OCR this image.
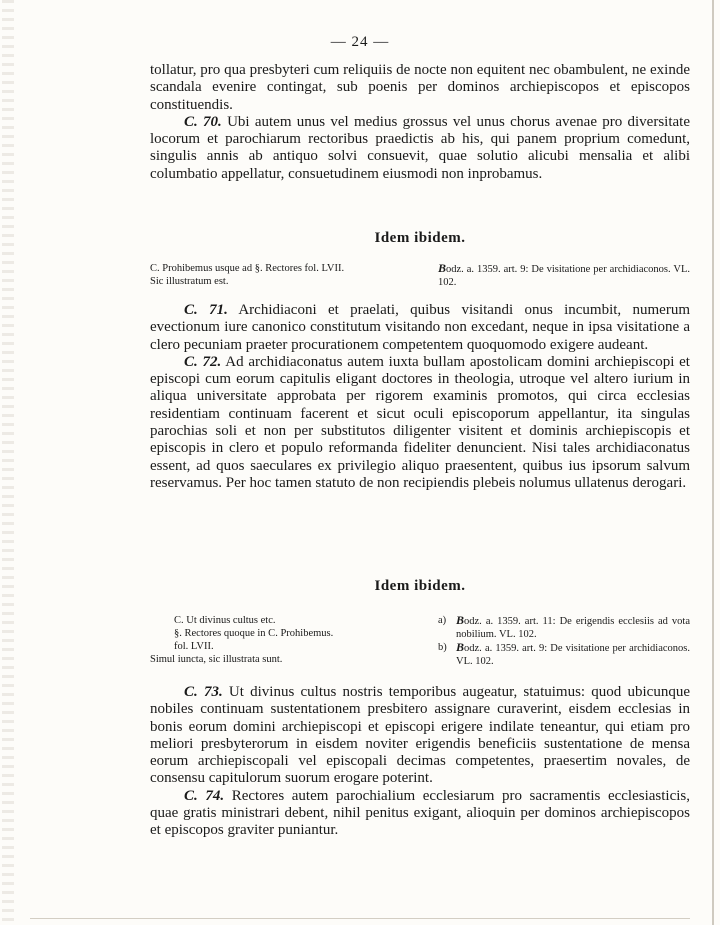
— 24 —

tollatur, pro qua presbyteri cum reliquiis de nocte non equitent nec obambulent, ne exinde scandala evenire contingat, sub poenis per dominos archiepiscopos et episcopos constituendis.

C. 70. Ubi autem unus vel medius grossus vel unus chorus avenae pro diversitate locorum et parochiarum rectoribus praedictis ab his, qui panem proprium comedunt, singulis annis ab antiquo solvi consuevit, quae solutio alicubi mensalia et alibi columbatio appellatur, consuetudinem eiusmodi non inprobamus.

Idem ibidem.

C. Prohibemus usque ad §. Rectores fol. LVII.

Sic illustratum est.

Bodz. a. 1359. art. 9: De visitatione per archidiaconos. VL. 102.

C. 71. Archidiaconi et praelati, quibus visitandi onus incumbit, numerum evectionum iure canonico constitutum visitando non excedant, neque in ipsa visitatione a clero pecuniam praeter procurationem competentem quoquomodo exigere audeant.

C. 72. Ad archidiaconatus autem iuxta bullam apostolicam domini archiepiscopi et episcopi cum eorum capitulis eligant doctores in theologia, utroque vel altero iurium in aliqua universitate approbata per rigorem examinis promotos, qui circa ecclesias residentiam continuam facerent et sicut oculi episcoporum appellantur, ita singulas parochias soli et non per substitutos diligenter visitent et dominis archiepiscopis et episcopis in clero et populo reformanda fideliter denuncient. Nisi tales archidiaconatus essent, ad quos saeculares ex privilegio aliquo praesentent, quibus ius ipsorum salvum reservamus. Per hoc tamen statuto de non recipiendis plebeis nolumus ullatenus derogari.

Idem ibidem.

C. Ut divinus cultus etc.

§. Rectores quoque in C. Prohibemus.

fol. LVII.

Simul iuncta, sic illustrata sunt.

a) Bodz. a. 1359. art. 11: De erigendis ecclesiis ad vota nobilium. VL. 102.

b) Bodz. a. 1359. art. 9: De visitatione per archidiaconos. VL. 102.

C. 73. Ut divinus cultus nostris temporibus augeatur, statuimus: quod ubicunque nobiles continuam sustentationem presbitero assignare curaverint, eisdem ecclesias in bonis eorum domini archiepiscopi et episcopi erigere indilate teneantur, qui etiam pro meliori presbyterorum in eisdem noviter erigendis beneficiis sustentatione de mensa eorum archiepiscopali vel episcopali decimas competentes, praesertim novales, de consensu capitulorum suorum erogare poterint.

C. 74. Rectores autem parochialium ecclesiarum pro sacramentis ecclesiasticis, quae gratis ministrari debent, nihil penitus exigant, alioquin per dominos archiepiscopos et episcopos graviter puniantur.
